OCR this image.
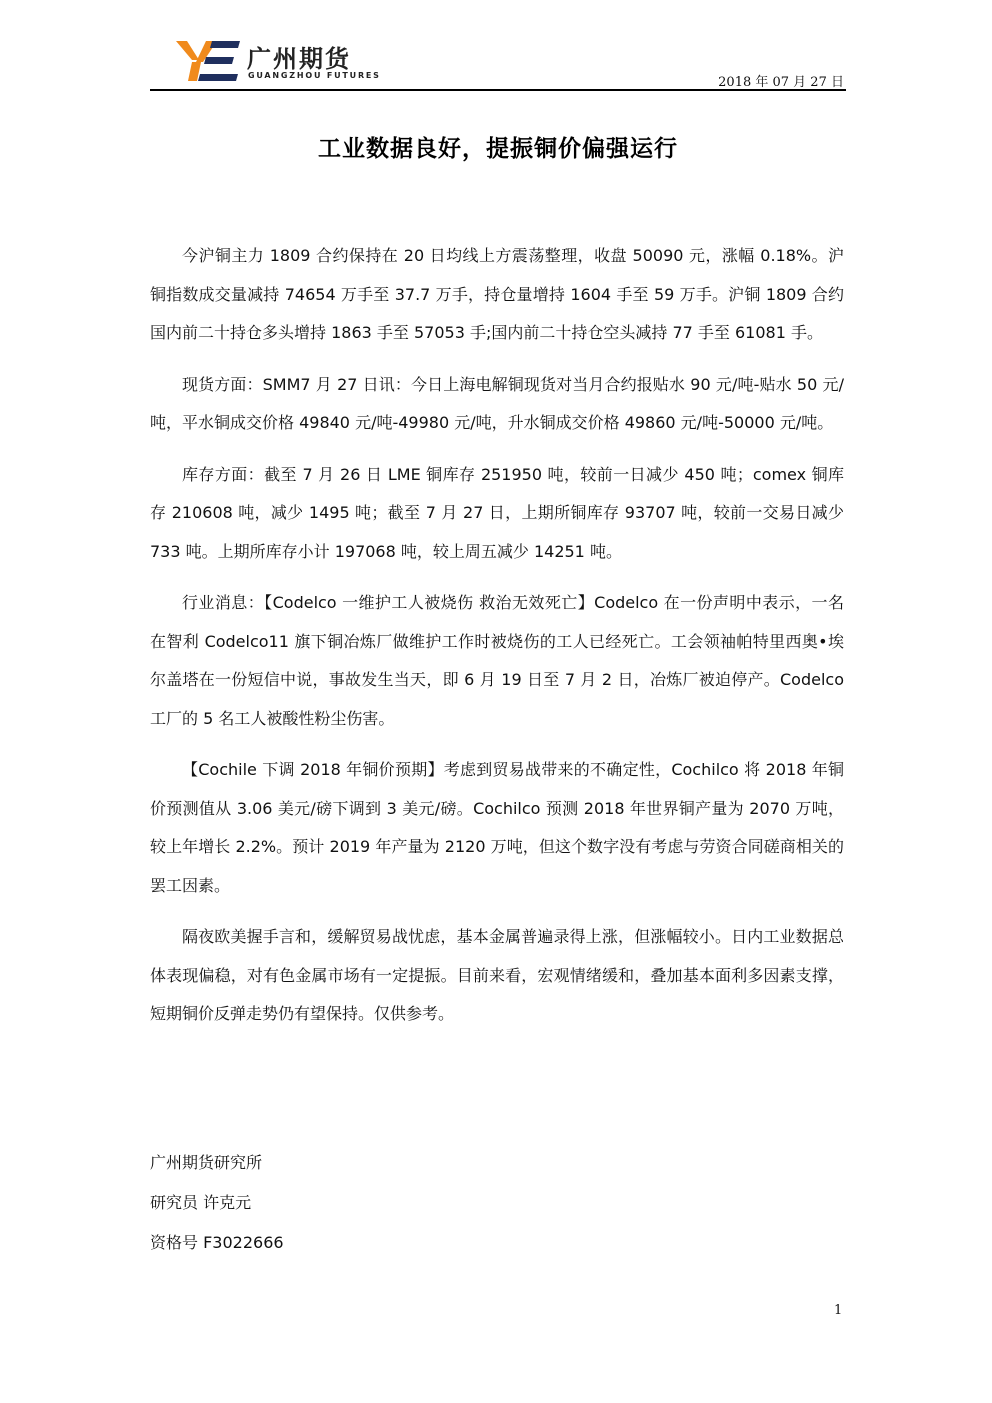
广州期货
GUANGZHOU FUTURES	2018 年 07 月 27 日
工业数据良好，提振铜价偏强运行

今沪铜主力 1809 合约保持在 20 日均线上方震荡整理，收盘 50090 元，涨幅 0.18%。沪铜指数成交量减持 74654 万手至 37.7 万手，持仓量增持 1604 手至 59 万手。沪铜 1809 合约国内前二十持仓多头增持 1863 手至 57053 手;国内前二十持仓空头减持 77 手至 61081 手。

现货方面：SMM7 月 27 日讯：今日上海电解铜现货对当月合约报贴水 90 元/吨-贴水 50 元/吨，平水铜成交价格 49840 元/吨-49980 元/吨，升水铜成交价格 49860 元/吨-50000 元/吨。

库存方面：截至 7 月 26 日 LME 铜库存 251950 吨，较前一日减少 450 吨；comex 铜库存 210608 吨，减少 1495 吨；截至 7 月 27 日，上期所铜库存 93707 吨，较前一交易日减少 733 吨。上期所库存小计 197068 吨，较上周五减少 14251 吨。

行业消息：【Codelco 一维护工人被烧伤 救治无效死亡】Codelco 在一份声明中表示，一名在智利 Codelco11 旗下铜冶炼厂做维护工作时被烧伤的工人已经死亡。工会领袖帕特里西奥•埃尔盖塔在一份短信中说，事故发生当天，即 6 月 19 日至 7 月 2 日，冶炼厂被迫停产。Codelco 工厂的 5 名工人被酸性粉尘伤害。

【Cochile 下调 2018 年铜价预期】考虑到贸易战带来的不确定性，Cochilco 将 2018 年铜价预测值从 3.06 美元/磅下调到 3 美元/磅。Cochilco 预测 2018 年世界铜产量为 2070 万吨，较上年增长 2.2%。预计 2019 年产量为 2120 万吨，但这个数字没有考虑与劳资合同磋商相关的罢工因素。

隔夜欧美握手言和，缓解贸易战忧虑，基本金属普遍录得上涨，但涨幅较小。日内工业数据总体表现偏稳，对有色金属市场有一定提振。目前来看，宏观情绪缓和，叠加基本面利多因素支撑，短期铜价反弹走势仍有望保持。仅供参考。

广州期货研究所
研究员 许克元
资格号 F3022666
1
